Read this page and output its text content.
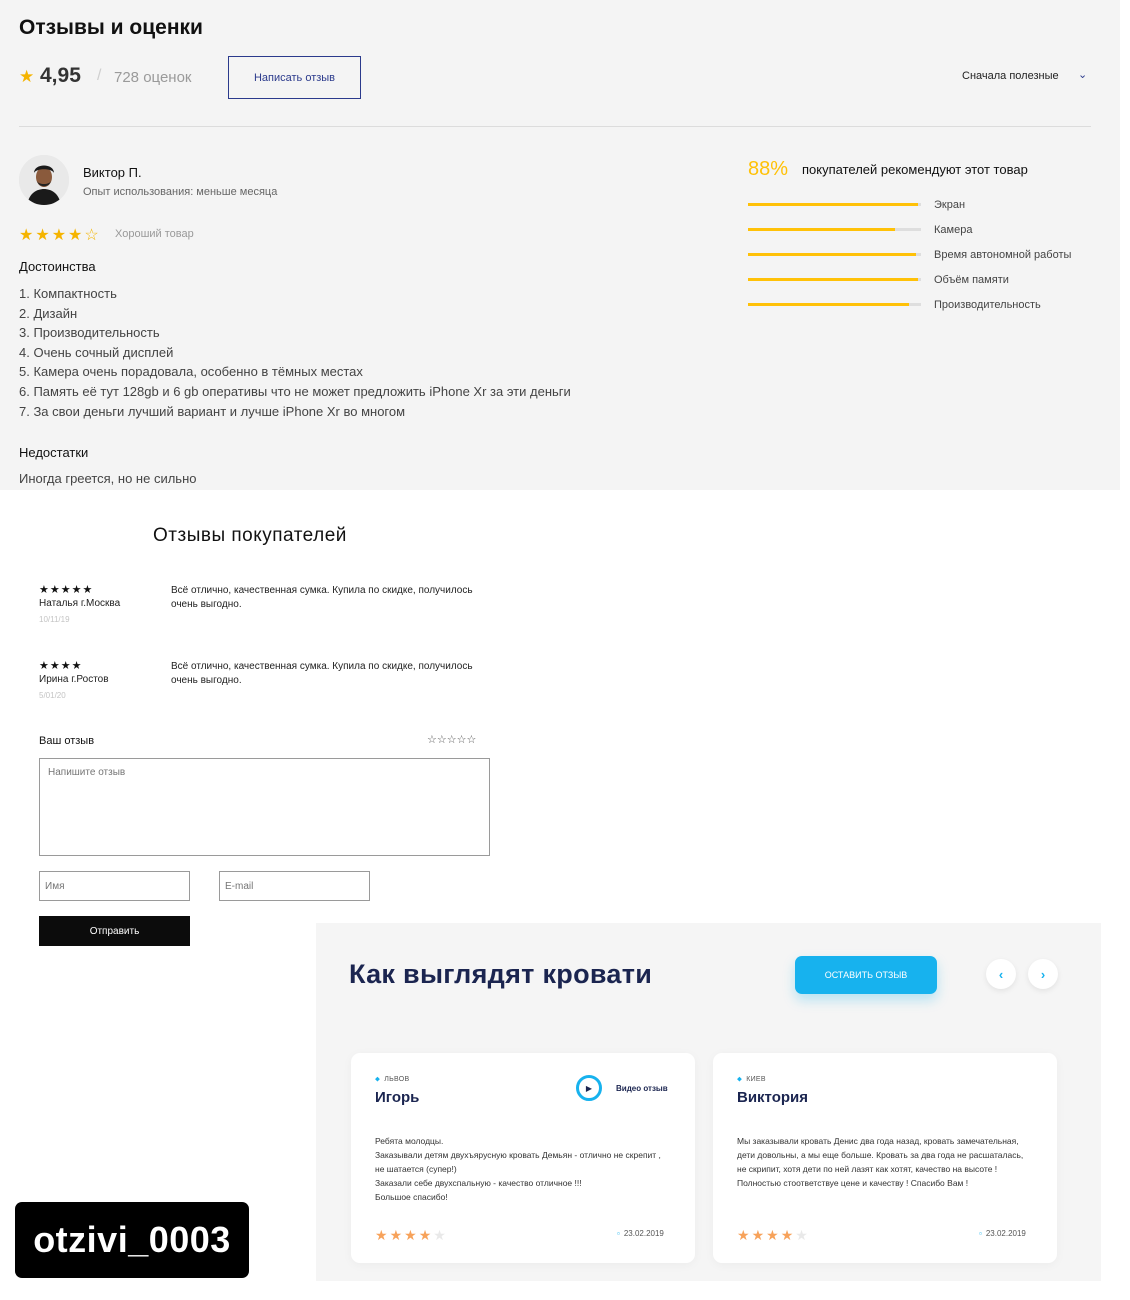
Отзывы и оценки
★ 4,95 / 728 оценок	Написать отзыв	Сначала полезные ⌄
Виктор П.
Опыт использования: меньше месяца
★★★★☆ Хороший товар
Достоинства
1. Компактность
2. Дизайн
3. Производительность
4. Очень сочный дисплей
5. Камера очень порадовала, особенно в тёмных местах
6. Память её тут 128gb и 6 gb оперативы что не может предложить iPhone Xr за эти деньги
7. За свои деньги лучший вариант и лучше iPhone Xr во многом
Недостатки
Иногда греется, но не сильно
88% покупателей рекомендуют этот товар
Экран
Камера
Время автономной работы
Объём памяти
Производительность
Отзывы покупателей
★★★★★
Наталья г.Москва
10/11/19
Всё отлично, качественная сумка. Купила по скидке, получилось очень выгодно.
★★★★
Ирина г.Ростов
5/01/20
Всё отлично, качественная сумка. Купила по скидке, получилось очень выгодно.
Ваш отзыв	☆☆☆☆☆
Напишите отзыв
Имя
E-mail
Отправить
Как выглядят кровати	ОСТАВИТЬ ОТЗЫВ	‹	›
⬥ ЛЬВОВ
Игорь
▶	Видео отзыв
Ребята молодцы.
Заказывали детям двухъярусную кровать Демьян - отлично не скрепит , не шатается (супер!)
Заказали себе двухспальную - качество отличное !!!
Большое спасибо!
★★★★★	▫ 23.02.2019
⬥ КИЕВ
Виктория
Мы заказывали кровать Денис два года назад, кровать замечательная, дети довольны, а мы еще больше. Кровать за два года не расшаталась, не скрипит, хотя дети по ней лазят как хотят, качество на высоте ! Полностью стоответствуе цене и качеству ! Спасибо Вам !
★★★★★	▫ 23.02.2019
otzivi_0003
